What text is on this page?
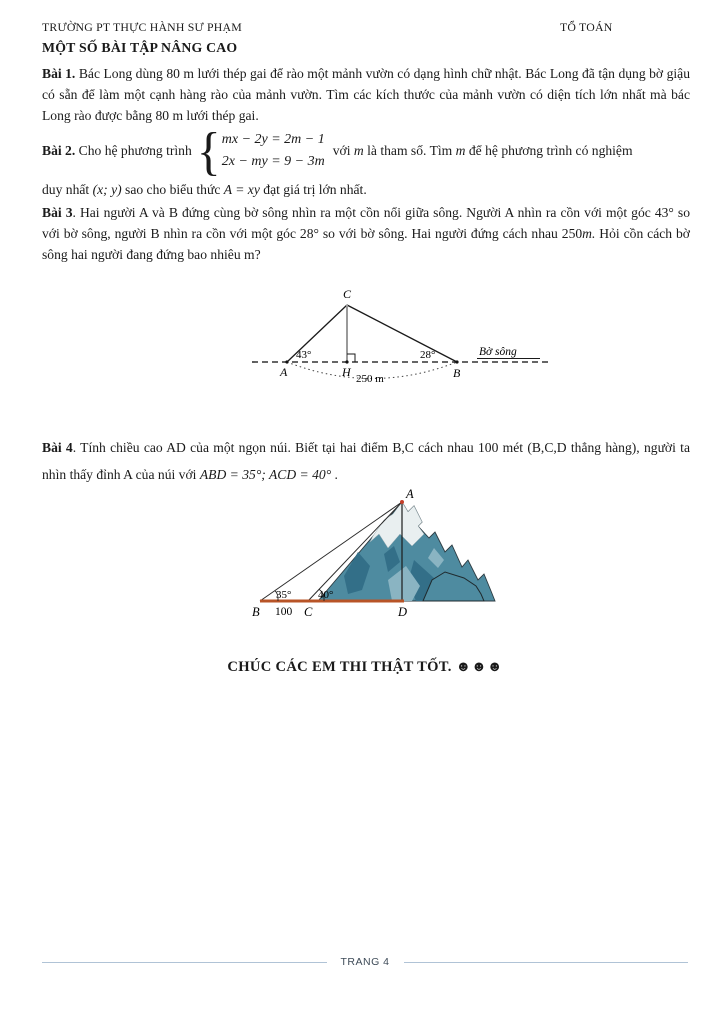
TRƯỜNG PT THỰC HÀNH SƯ PHẠM	TỔ TOÁN
MỘT SỐ BÀI TẬP NÂNG CAO

Bài 1. Bác Long dùng 80 m lưới thép gai để rào một mảnh vườn có dạng hình chữ nhật. Bác Long đã tận dụng bờ giậu có sẵn để làm một cạnh hàng rào của mảnh vườn. Tìm các kích thước của mảnh vườn có diện tích lớn nhất mà bác Long rào được bằng 80 m lưới thép gai.

Bài 2. Cho hệ phương trình { mx − 2y = 2m − 1
2x − my = 9 − 3m
với m là tham số. Tìm m để hệ phương trình có nghiệm

duy nhất (x; y) sao cho biểu thức A = xy đạt giá trị lớn nhất.

Bài 3. Hai người A và B đứng cùng bờ sông nhìn ra một cồn nổi giữa sông. Người A nhìn ra cồn với một góc 43° so với bờ sông, người B nhìn ra cồn với một góc 28° so với bờ sông. Hai người đứng cách nhau 250m. Hỏi cồn cách bờ sông hai người đang đứng bao nhiêu m?

C
A	H	B
43°	28°
250 m
Bờ sông

Bài 4. Tính chiều cao AD của một ngọn núi. Biết tại hai điểm B,C cách nhau 100 mét (B,C,D thẳng hàng), người ta nhìn thấy đỉnh A của núi với ABD = 35°; ACD = 40° .

A
B	C	D
100
35° 40°
CHÚC CÁC EM THI THẬT TỐT. ☻☻☻
TRANG 4
